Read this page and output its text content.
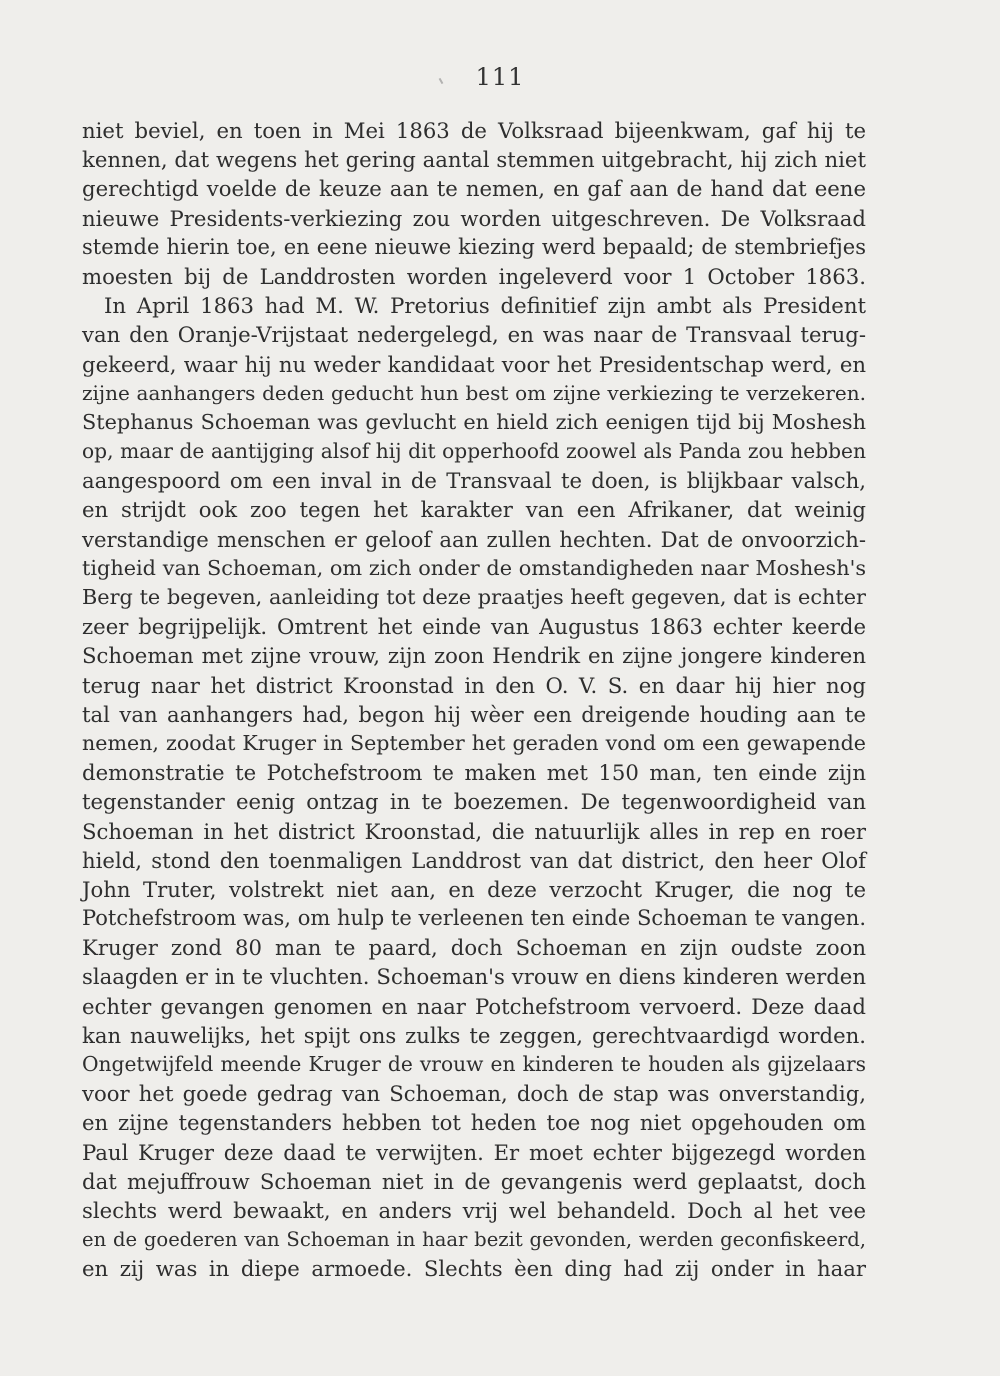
111
niet beviel, en toen in Mei 1863 de Volksraad bijeenkwam, gaf hij te
kennen, dat wegens het gering aantal stemmen uitgebracht, hij zich niet
gerechtigd voelde de keuze aan te nemen, en gaf aan de hand dat eene
nieuwe Presidents-verkiezing zou worden uitgeschreven. De Volksraad
stemde hierin toe, en eene nieuwe kiezing werd bepaald; de stembriefjes
moesten bij de Landdrosten worden ingeleverd voor 1 October 1863.
In April 1863 had M. W. Pretorius definitief zijn ambt als President
van den Oranje-Vrijstaat nedergelegd, en was naar de Transvaal terug-
gekeerd, waar hij nu weder kandidaat voor het Presidentschap werd, en
zijne aanhangers deden geducht hun best om zijne verkiezing te verzekeren.
Stephanus Schoeman was gevlucht en hield zich eenigen tijd bij Moshesh
op, maar de aantijging alsof hij dit opperhoofd zoowel als Panda zou hebben
aangespoord om een inval in de Transvaal te doen, is blijkbaar valsch,
en strijdt ook zoo tegen het karakter van een Afrikaner, dat weinig
verstandige menschen er geloof aan zullen hechten. Dat de onvoorzich-
tigheid van Schoeman, om zich onder de omstandigheden naar Moshesh's
Berg te begeven, aanleiding tot deze praatjes heeft gegeven, dat is echter
zeer begrijpelijk. Omtrent het einde van Augustus 1863 echter keerde
Schoeman met zijne vrouw, zijn zoon Hendrik en zijne jongere kinderen
terug naar het district Kroonstad in den O. V. S. en daar hij hier nog
tal van aanhangers had, begon hij wèer een dreigende houding aan te
nemen, zoodat Kruger in September het geraden vond om een gewapende
demonstratie te Potchefstroom te maken met 150 man, ten einde zijn
tegenstander eenig ontzag in te boezemen. De tegenwoordigheid van
Schoeman in het district Kroonstad, die natuurlijk alles in rep en roer
hield, stond den toenmaligen Landdrost van dat district, den heer Olof
John Truter, volstrekt niet aan, en deze verzocht Kruger, die nog te
Potchefstroom was, om hulp te verleenen ten einde Schoeman te vangen.
Kruger zond 80 man te paard, doch Schoeman en zijn oudste zoon
slaagden er in te vluchten. Schoeman's vrouw en diens kinderen werden
echter gevangen genomen en naar Potchefstroom vervoerd. Deze daad
kan nauwelijks, het spijt ons zulks te zeggen, gerechtvaardigd worden.
Ongetwijfeld meende Kruger de vrouw en kinderen te houden als gijzelaars
voor het goede gedrag van Schoeman, doch de stap was onverstandig,
en zijne tegenstanders hebben tot heden toe nog niet opgehouden om
Paul Kruger deze daad te verwijten. Er moet echter bijgezegd worden
dat mejuffrouw Schoeman niet in de gevangenis werd geplaatst, doch
slechts werd bewaakt, en anders vrij wel behandeld. Doch al het vee
en de goederen van Schoeman in haar bezit gevonden, werden geconfiskeerd,
en zij was in diepe armoede. Slechts èen ding had zij onder in haar
